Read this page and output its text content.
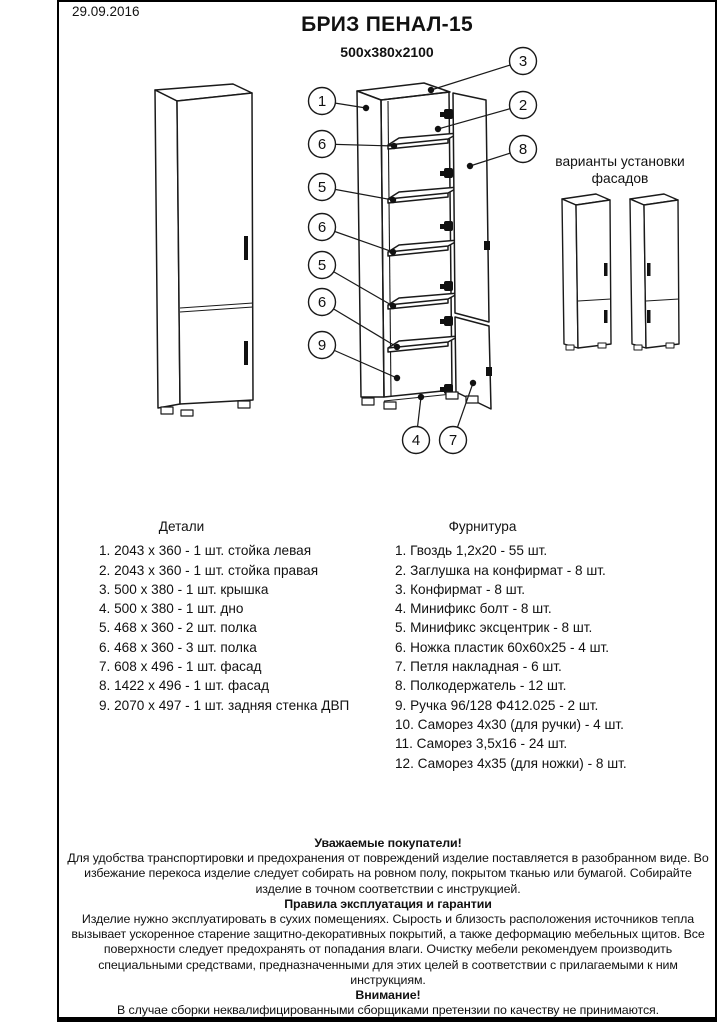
29.09.2016
БРИЗ ПЕНАЛ-15
500x380x2100
1
6
5
6
5
6
9
3
2
8
4 7
варианты установки
фасадов
Детали
1. 2043 х 360 - 1 шт. стойка левая
2. 2043 х 360 - 1 шт. стойка правая
3. 500 х 380 - 1 шт. крышка
4. 500 х 380 - 1 шт. дно
5. 468 х 360 - 2 шт. полка
6. 468 х 360 - 3 шт. полка
7. 608 х 496 - 1 шт. фасад
8. 1422 х 496 - 1 шт. фасад
9. 2070 х 497 - 1 шт. задняя стенка ДВП
Фурнитура
1. Гвоздь 1,2х20 - 55 шт.
2. Заглушка на конфирмат - 8 шт.
3. Конфирмат - 8 шт.
4. Минификс болт - 8 шт.
5. Минификс эксцентрик - 8 шт.
6. Ножка пластик 60х60х25 - 4 шт.
7. Петля накладная - 6 шт.
8. Полкодержатель - 12 шт.
9. Ручка 96/128 Ф412.025 - 2 шт.
10. Саморез 4х30 (для ручки) - 4 шт.
11. Саморез 3,5х16 - 24 шт.
12. Саморез 4х35 (для ножки) - 8 шт.

Уважаемые покупатели!

Для удобства транспортировки и предохранения от повреждений изделие поставляется в разобранном виде. Во избежание перекоса изделие следует собирать на ровном полу, покрытом тканью или бумагой. Собирайте изделие в точном соответствии с инструкцией.

Правила эксплуатация и гарантии

Изделие нужно эксплуатировать в сухих помещениях. Сырость и близость расположения источников тепла вызывает ускоренное старение защитно-декоративных покрытий, а также деформацию мебельных щитов. Все поверхности следует предохранять от попадания влаги. Очистку мебели рекомендуем производить специальными средствами, предназначенными для этих целей в соответствии с прилагаемыми к ним инструкциям.

Внимание!

В случае сборки неквалифицированными сборщиками претензии по качеству не принимаются.
